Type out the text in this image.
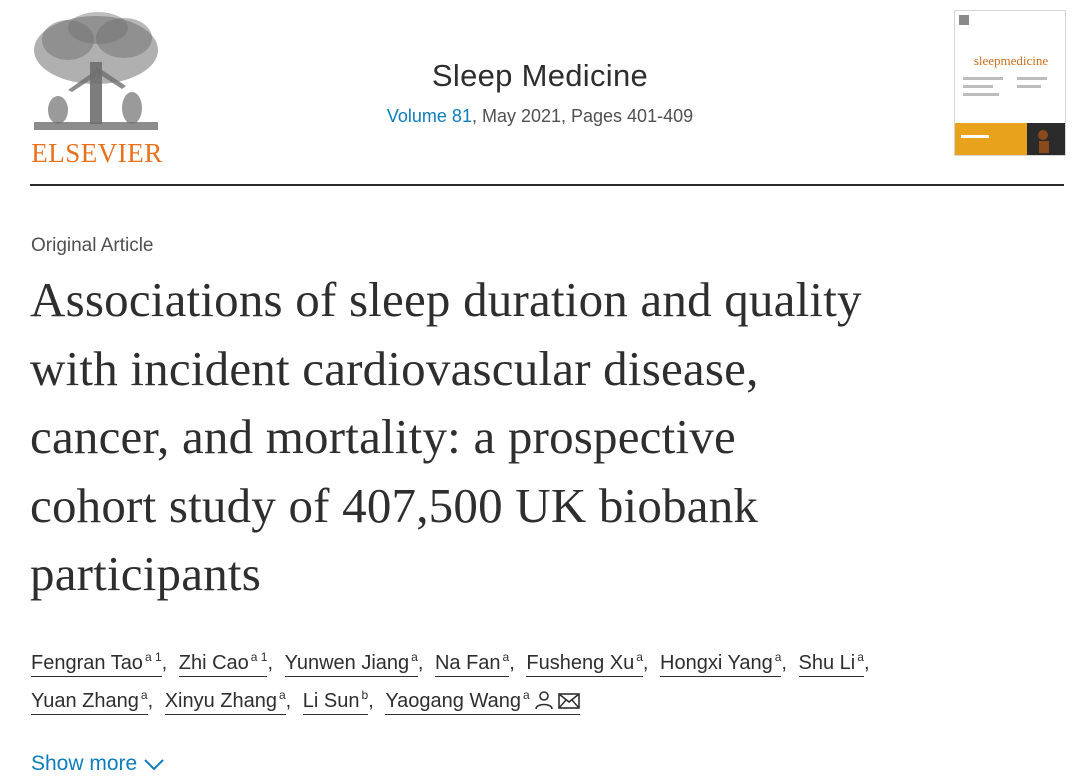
ELSEVIER
Sleep Medicine
Volume 81, May 2021, Pages 401-409
sleepmedicine
Original Article
Associations of sleep duration and quality
with incident cardiovascular disease,
cancer, and mortality: a prospective
cohort study of 407,500 UK biobank
participants
Fengran Tao $^{a 1}$, Zhi Cao $^{a 1}$, Yunwen Jiang $^a$, Na Fan $^a$, Fusheng Xu $^a$, Hongxi Yang $^a$, Shu Li $^a$,
Yuan Zhang $^a$, Xinyu Zhang $^a$, Li Sun $^b$, Yaogang Wang $^a$
Show more
